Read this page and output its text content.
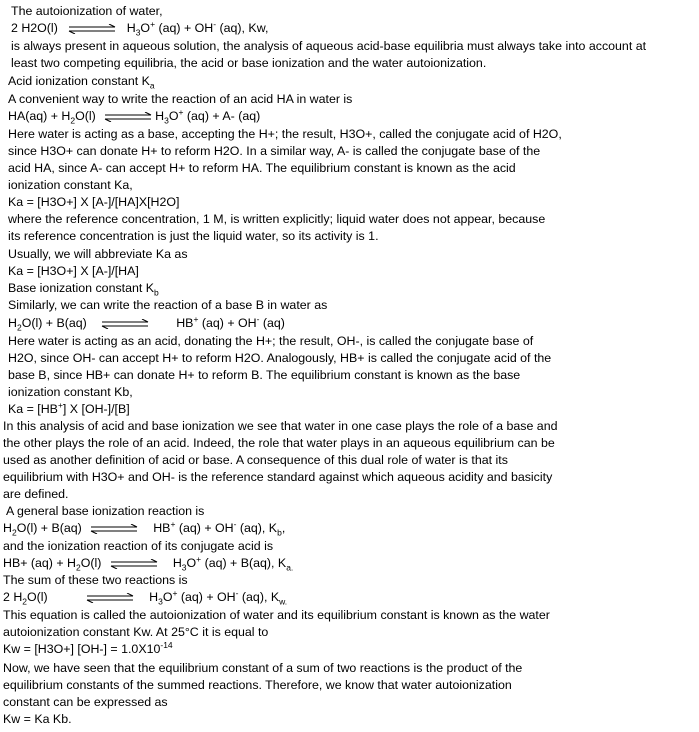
The autoionization of water,
2 H2O(l)	$H_3O^+$ (aq) + OH- (aq), Kw,
is always present in aqueous solution, the analysis of aqueous acid-base equilibria must always take into account at
least two competing equilibria, the acid or base ionization and the water autoionization.
Acid ionization constant $K_a$
A convenient way to write the reaction of an acid HA in water is
$HA(aq) + H_2O(l)$	$H_3O^+$ (aq) + A- (aq)
Here water is acting as a base, accepting the H+; the result, H3O+, called the conjugate acid of H2O,
since H3O+ can donate H+ to reform H2O. In a similar way, A- is called the conjugate base of the
acid HA, since A- can accept H+ to reform HA. The equilibrium constant is known as the acid
ionization constant Ka,
Ka = [H3O+] X [A-]/[HA]X[H2O]
where the reference concentration, 1 M, is written explicitly; liquid water does not appear, because
its reference concentration is just the liquid water, so its activity is 1.
Usually, we will abbreviate Ka as
Ka = [H3O+] X [A-]/[HA]
Base ionization constant $K_b$
Similarly, we can write the reaction of a base B in water as
$H_2O(l) + B(aq)$	HB+ (aq) + OH- (aq)
Here water is acting as an acid, donating the H+; the result, OH-, is called the conjugate base of
H2O, since OH- can accept H+ to reform H2O. Analogously, HB+ is called the conjugate acid of the
base B, since HB+ can donate H+ to reform B. The equilibrium constant is known as the base
ionization constant Kb,
Ka = [HB+] X [OH-]/[B]
In this analysis of acid and base ionization we see that water in one case plays the role of a base and
the other plays the role of an acid. Indeed, the role that water plays in an aqueous equilibrium can be
used as another definition of acid or base. A consequence of this dual role of water is that its
equilibrium with H3O+ and OH- is the reference standard against which aqueous acidity and basicity
are defined.
A general base ionization reaction is
$H_2O(l) + B(aq)$	HB+ (aq) + OH- (aq), $K_b$,
and the ionization reaction of its conjugate acid is
$HB+ (aq) + H_2O(l)$	$H_3O^+$ (aq) + B(aq), $K_{a.}$
The sum of these two reactions is
2 $H_2O(l)$	$H_3O^+$ (aq) + OH- (aq), $K_{w.}$
This equation is called the autoionization of water and its equilibrium constant is known as the water
autoionization constant Kw. At 25°C it is equal to
Kw = [H3O+] $[OH-] = 1.0X10^{-14}$
Now, we have seen that the equilibrium constant of a sum of two reactions is the product of the
equilibrium constants of the summed reactions. Therefore, we know that water autoionization
constant can be expressed as
Kw = Ka Kb.
